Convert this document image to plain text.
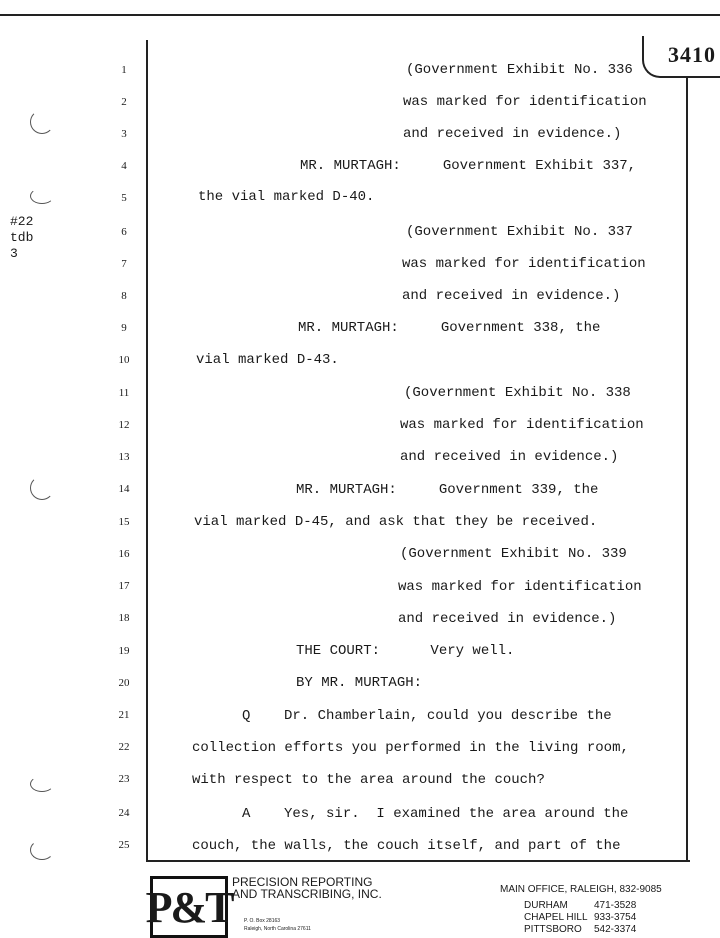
3410
#22
tdb
3
1
2
3
4
5
6
7
8
9
10
11
12
13
14
15
16
17
18
19
20
21
22
23
24
25
(Government Exhibit No. 336
was marked for identification
and received in evidence.)
MR. MURTAGH:     Government Exhibit 337,
the vial marked D-40.
(Government Exhibit No. 337
was marked for identification
and received in evidence.)
MR. MURTAGH:     Government 338, the
vial marked D-43.
(Government Exhibit No. 338
was marked for identification
and received in evidence.)
MR. MURTAGH:     Government 339, the
vial marked D-45, and ask that they be received.
(Government Exhibit No. 339
was marked for identification
and received in evidence.)
THE COURT:      Very well.
BY MR. MURTAGH:
Q    Dr. Chamberlain, could you describe the
collection efforts you performed in the living room,
with respect to the area around the couch?
A    Yes, sir.  I examined the area around the
couch, the walls, the couch itself, and part of the
P&T
PRECISION REPORTING
AND TRANSCRIBING, INC.
P. O. Box 28163
Raleigh, North Carolina 27611
MAIN OFFICE, RALEIGH, 832-9085
DURHAM	471-3528
CHAPEL HILL 933-3754
PITTSBORO 542-3374
